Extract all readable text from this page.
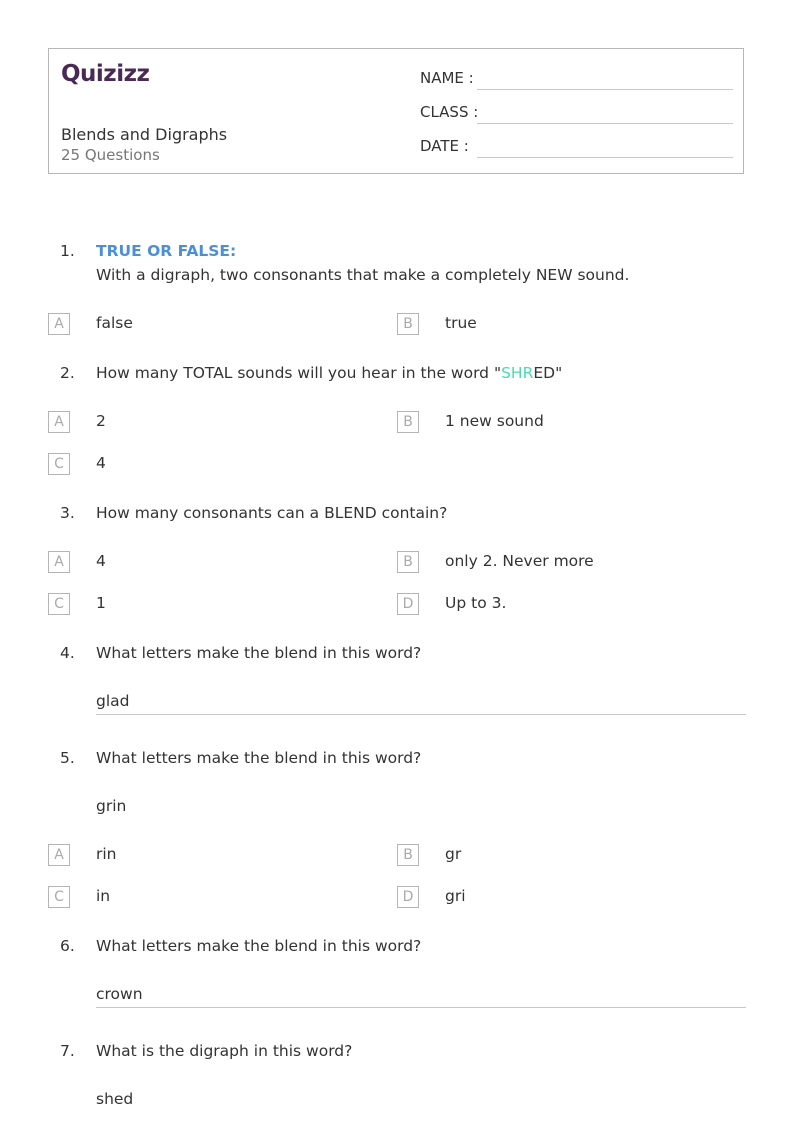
Quizizz
Blends and Digraphs
25 Questions
NAME :
CLASS :
DATE :
1. TRUE OR FALSE:
With a digraph, two consonants that make a completely NEW sound.
A	false	B	true
2. How many TOTAL sounds will you hear in the word "SHRED"
A	2	B	1 new sound
C	4
3. How many consonants can a BLEND contain?
A	4	B	only 2. Never more
C	1	D	Up to 3.
4. What letters make the blend in this word?
glad
5. What letters make the blend in this word?
grin
A	rin	B	gr
C	in	D	gri
6. What letters make the blend in this word?
crown
7. What is the digraph in this word?
shed
